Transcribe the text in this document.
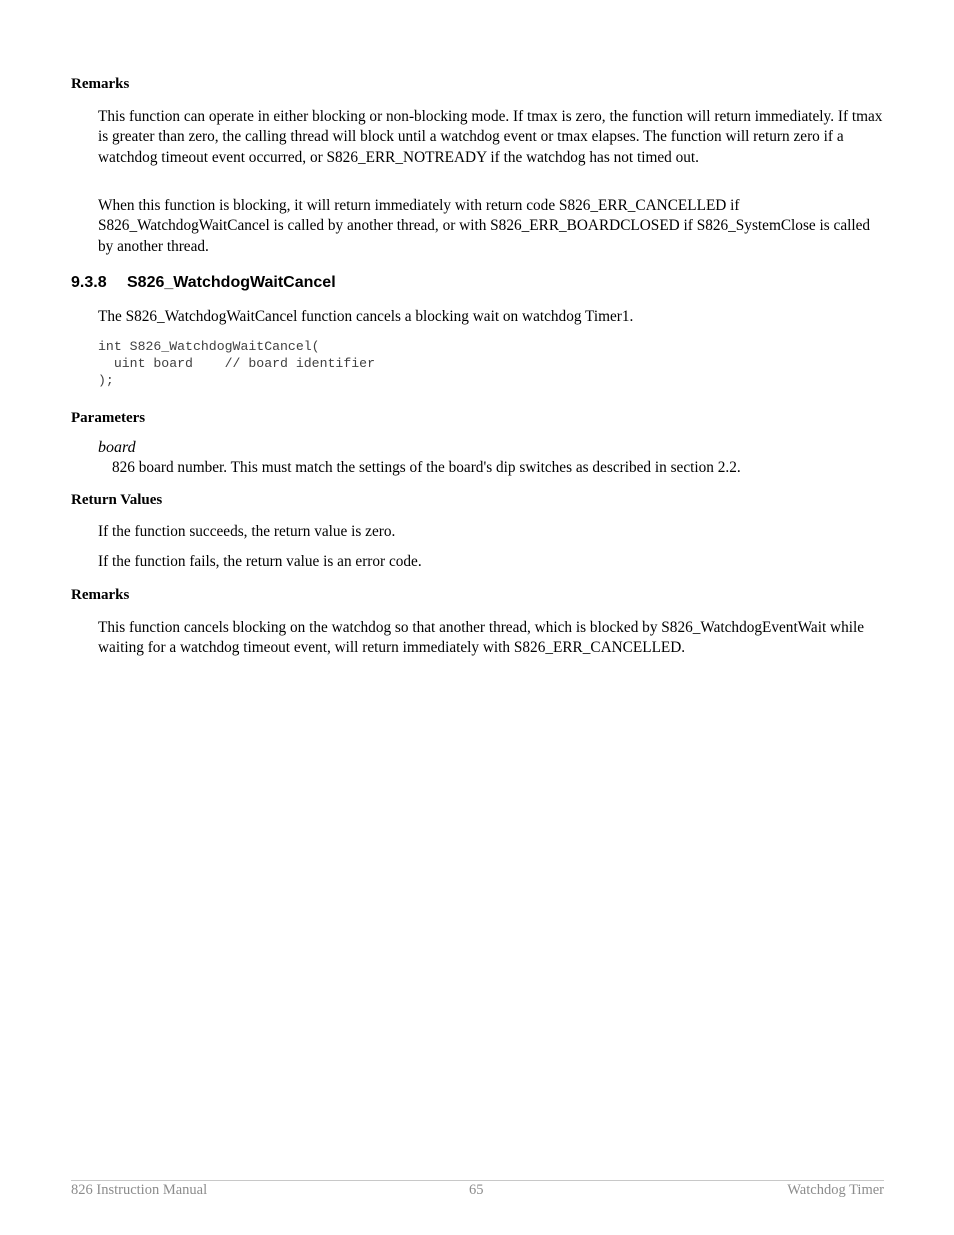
Remarks

This function can operate in either blocking or non-blocking mode. If tmax is zero, the function will return immediately. If tmax is greater than zero, the calling thread will block until a watchdog event or tmax elapses. The function will return zero if a watchdog timeout event occurred, or S826_ERR_NOTREADY if the watchdog has not timed out.

When this function is blocking, it will return immediately with return code S826_ERR_CANCELLED if S826_WatchdogWaitCancel is called by another thread, or with S826_ERR_BOARDCLOSED if S826_SystemClose is called by another thread.

9.3.8 S826_WatchdogWaitCancel

The S826_WatchdogWaitCancel function cancels a blocking wait on watchdog Timer1.

int S826_WatchdogWaitCancel(
uint board    // board identifier
);

Parameters

board

826 board number. This must match the settings of the board's dip switches as described in section 2.2.

Return Values

If the function succeeds, the return value is zero.

If the function fails, the return value is an error code.

Remarks

This function cancels blocking on the watchdog so that another thread, which is blocked by S826_WatchdogEventWait while waiting for a watchdog timeout event, will return immediately with S826_ERR_CANCELLED.

826 Instruction Manual	65	Watchdog Timer
